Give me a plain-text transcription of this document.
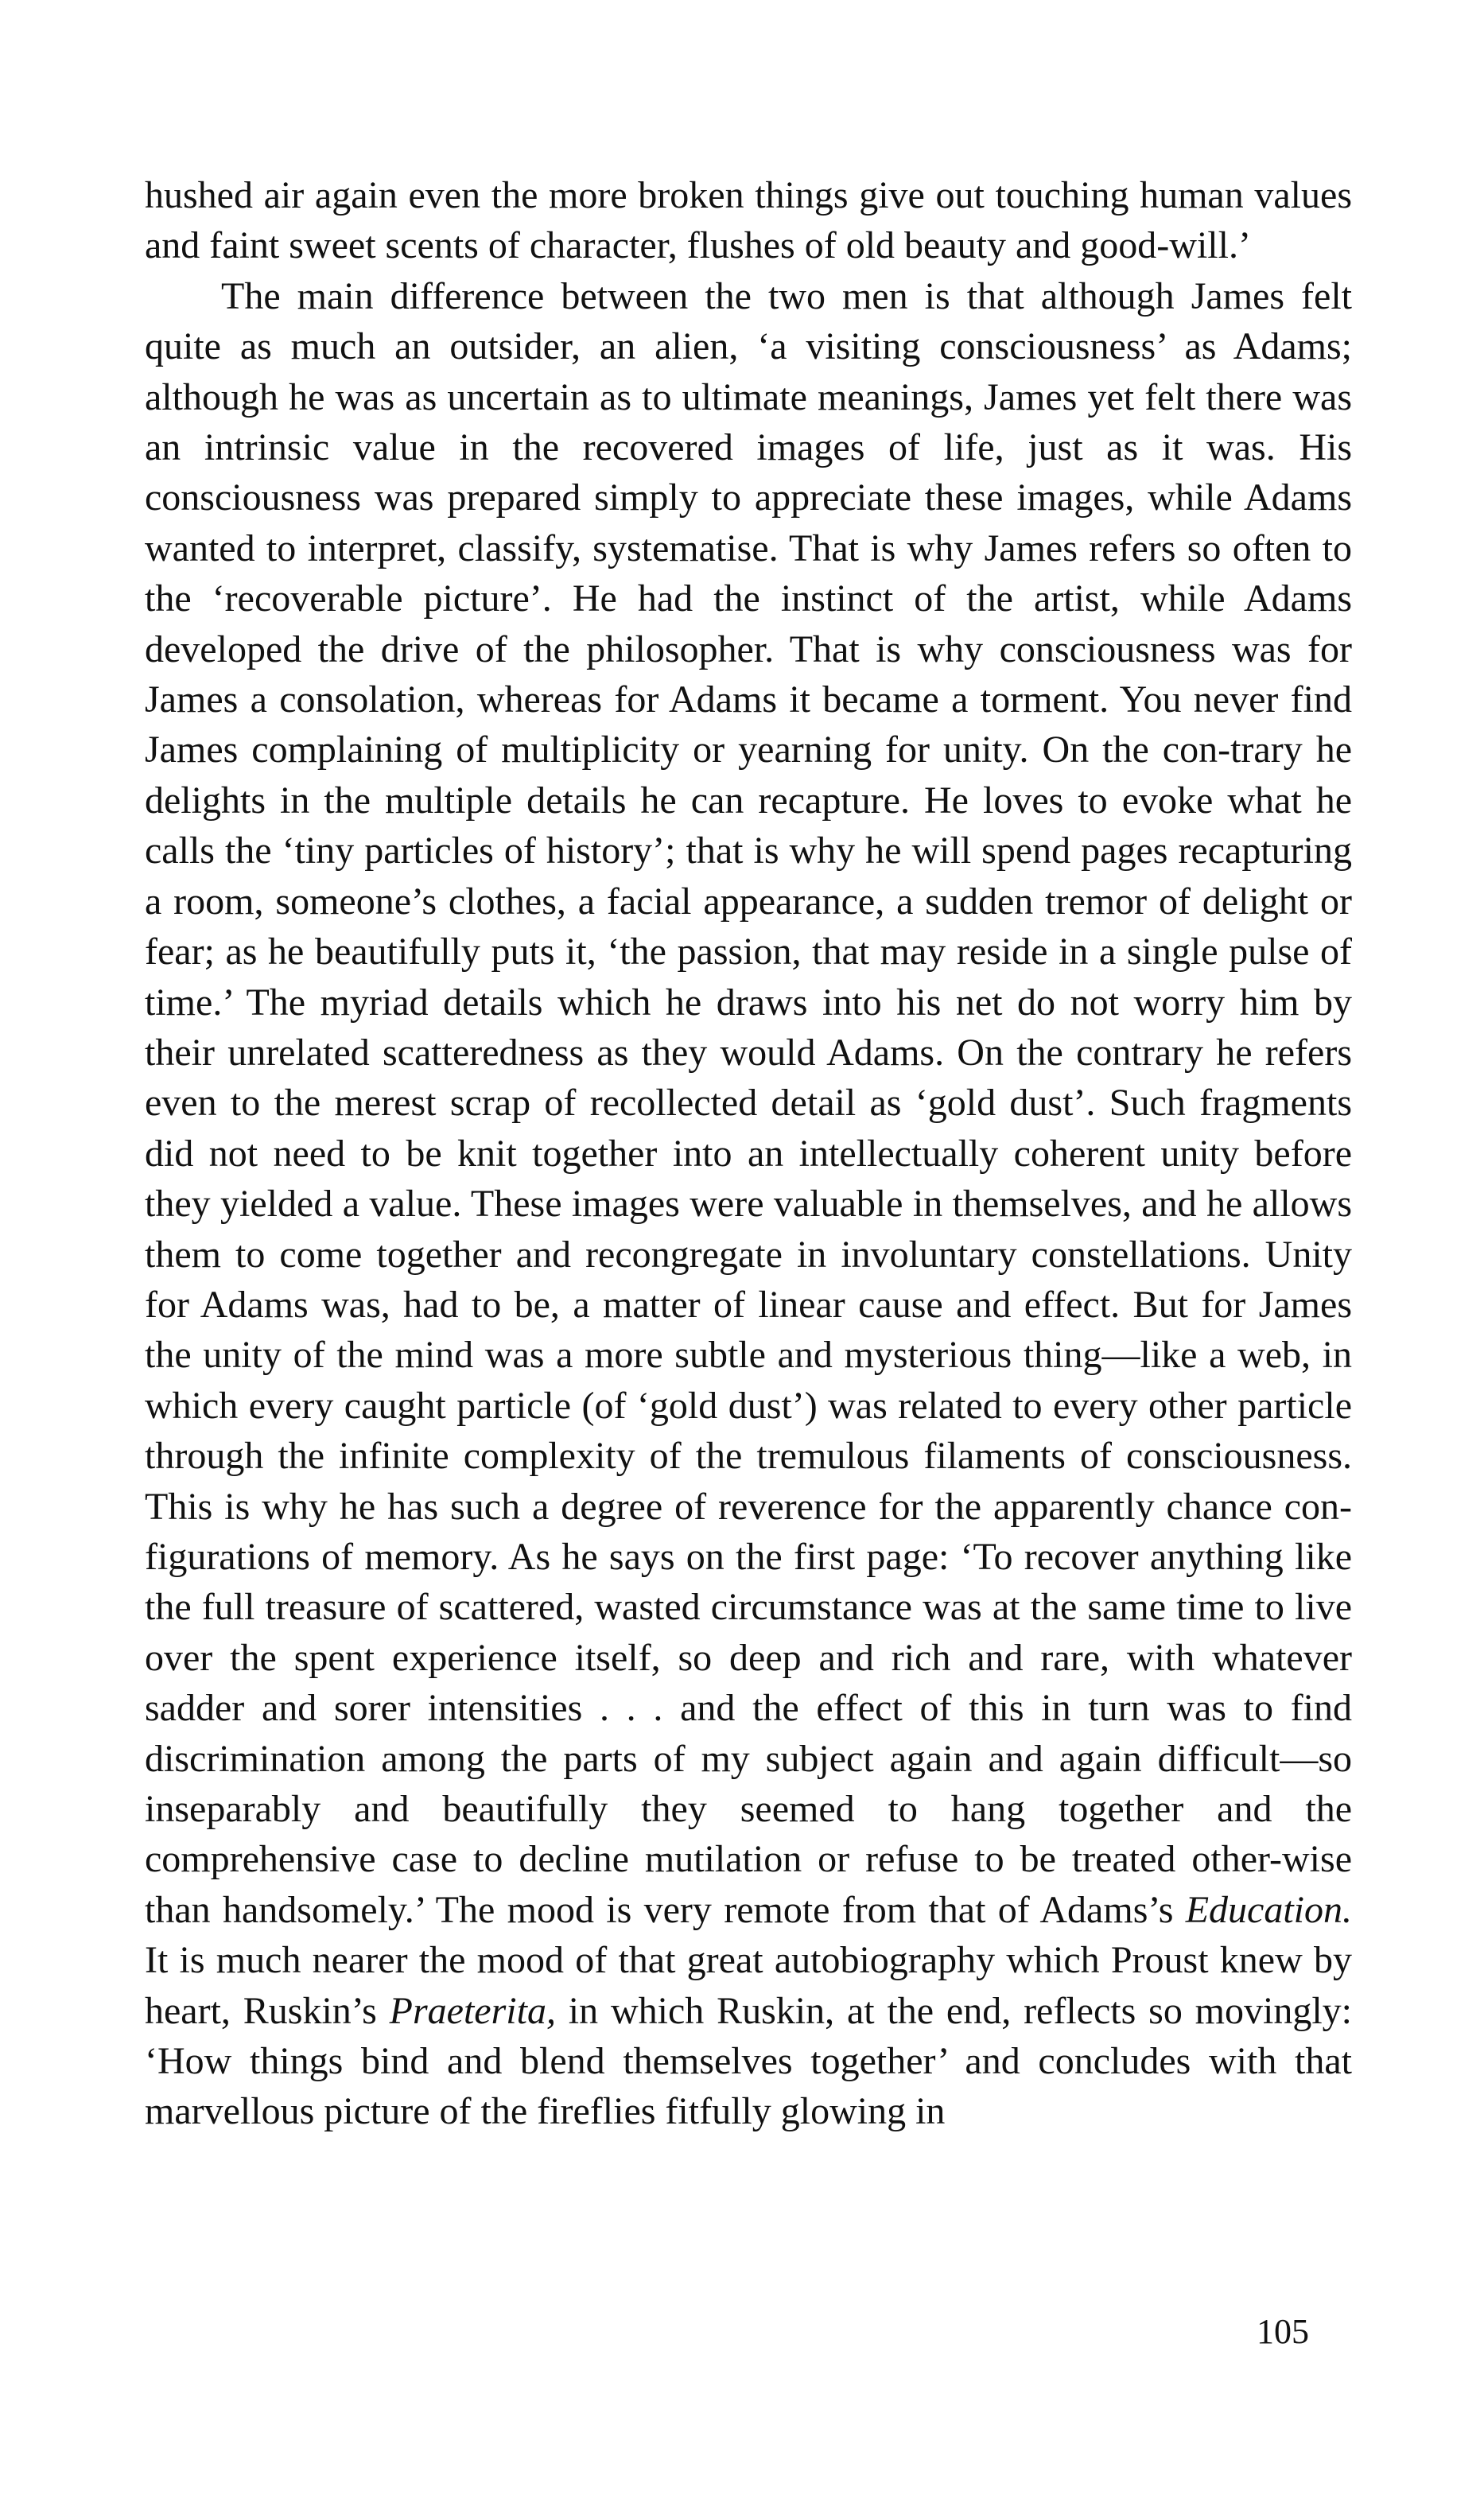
hushed air again even the more broken things give out touching human values and faint sweet scents of character, flushes of old beauty and good-will.’

The main difference between the two men is that although James felt quite as much an outsider, an alien, ‘a visiting consciousness’ as Adams; although he was as uncertain as to ultimate meanings, James yet felt there was an intrinsic value in the recovered images of life, just as it was. His consciousness was prepared simply to appreciate these images, while Adams wanted to interpret, classify, systematise. That is why James refers so often to the ‘recoverable picture’. He had the instinct of the artist, while Adams developed the drive of the philosopher. That is why consciousness was for James a consolation, whereas for Adams it became a torment. You never find James complaining of multiplicity or yearning for unity. On the con-trary he delights in the multiple details he can recapture. He loves to evoke what he calls the ‘tiny particles of history’; that is why he will spend pages recapturing a room, someone’s clothes, a facial appearance, a sudden tremor of delight or fear; as he beautifully puts it, ‘the passion, that may reside in a single pulse of time.’ The myriad details which he draws into his net do not worry him by their unrelated scatteredness as they would Adams. On the contrary he refers even to the merest scrap of recollected detail as ‘gold dust’. Such fragments did not need to be knit together into an intellectually coherent unity before they yielded a value. These images were valuable in themselves, and he allows them to come together and recongregate in involuntary constellations. Unity for Adams was, had to be, a matter of linear cause and effect. But for James the unity of the mind was a more subtle and mysterious thing—like a web, in which every caught particle (of ‘gold dust’) was related to every other particle through the infinite complexity of the tremulous filaments of consciousness. This is why he has such a degree of reverence for the apparently chance con-figurations of memory. As he says on the first page: ‘To recover anything like the full treasure of scattered, wasted circumstance was at the same time to live over the spent experience itself, so deep and rich and rare, with whatever sadder and sorer intensities . . . and the effect of this in turn was to find discrimination among the parts of my subject again and again difficult—so inseparably and beautifully they seemed to hang together and the comprehensive case to decline mutilation or refuse to be treated other-wise than handsomely.’ The mood is very remote from that of Adams’s Education. It is much nearer the mood of that great autobiography which Proust knew by heart, Ruskin’s Praeterita, in which Ruskin, at the end, reflects so movingly: ‘How things bind and blend themselves together’ and concludes with that marvellous picture of the fireflies fitfully glowing in

105
